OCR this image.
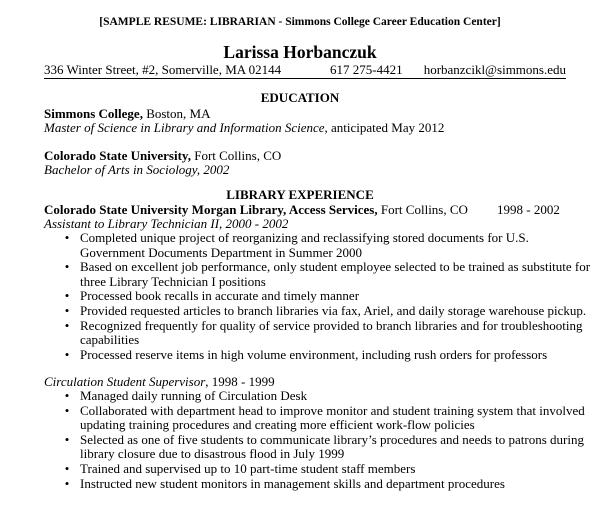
[SAMPLE RESUME: LIBRARIAN - Simmons College Career Education Center]
Larissa Horbanczuk
336 Winter Street, #2, Somerville, MA 02144	617 275-4421 horbanzcikl@simmons.edu
EDUCATION
Simmons College, Boston, MA
Master of Science in Library and Information Science, anticipated May 2012
Colorado State University, Fort Collins, CO
Bachelor of Arts in Sociology, 2002
LIBRARY EXPERIENCE
Colorado State University Morgan Library, Access Services, Fort Collins, CO 1998 - 2002
Assistant to Library Technician II, 2000 - 2002
• Completed unique project of reorganizing and reclassifying stored documents for U.S. Government Documents Department in Summer 2000
• Based on excellent job performance, only student employee selected to be trained as substitute for three Library Technician I positions
• Processed book recalls in accurate and timely manner
• Provided requested articles to branch libraries via fax, Ariel, and daily storage warehouse pickup.
• Recognized frequently for quality of service provided to branch libraries and for troubleshooting capabilities
• Processed reserve items in high volume environment, including rush orders for professors
Circulation Student Supervisor, 1998 - 1999
• Managed daily running of Circulation Desk
• Collaborated with department head to improve monitor and student training system that involved updating training procedures and creating more efficient work-flow policies
• Selected as one of five students to communicate library’s procedures and needs to patrons during library closure due to disastrous flood in July 1999
• Trained and supervised up to 10 part-time student staff members
• Instructed new student monitors in management skills and department procedures
